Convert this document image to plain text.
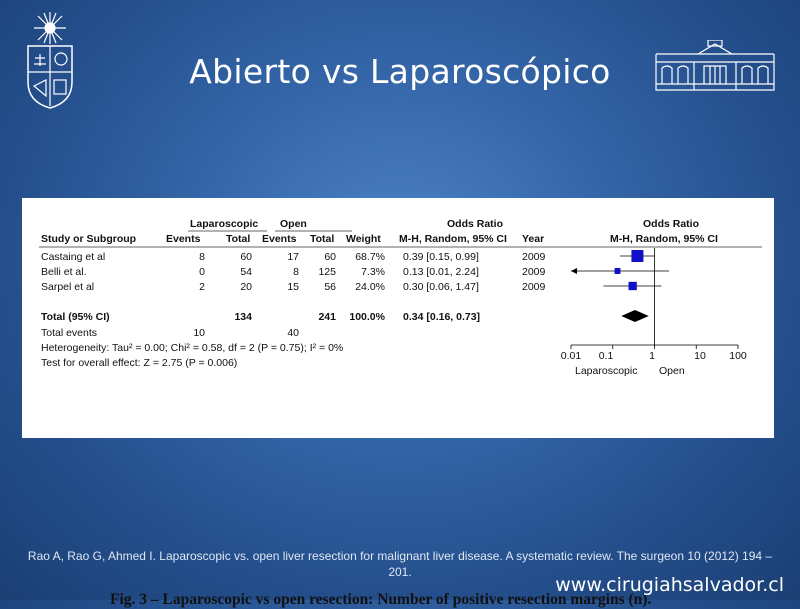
Abierto vs Laparoscópico
Laparoscopic Open	Odds Ratio	Odds Ratio
Study or Subgroup	Events Total Events Total Weight M-H, Random, 95% CI Year	M-H, Random, 95% CI
Castaing et al	8	60	17 60 68.7% 0.39 [0.15, 0.99]	2009
Belli et al.	0	54	8 125 7.3% 0.13 [0.01, 2.24]	2009
Sarpel et al	2	20	15 56 24.0% 0.30 [0.06, 1.47]	2009
Total (95% CI)	134	241 100.0% 0.34 [0.16, 0.73]
Total events	10	40
Heterogeneity: Tau² = 0.00; Chi² = 0.58, df = 2 (P = 0.75); I² = 0%
Test for overall effect: Z = 2.75 (P = 0.006)
0.01 0.1	1	10 100
Laparoscopic Open
Fig. 3 – Laparoscopic vs open resection: Number of positive resection margins (n).
Rao A, Rao G, Ahmed I. Laparoscopic vs. open liver resection for malignant liver disease. A systematic review. The surgeon 10 (2012) 194 – 201.
www.cirugiahsalvador.cl
